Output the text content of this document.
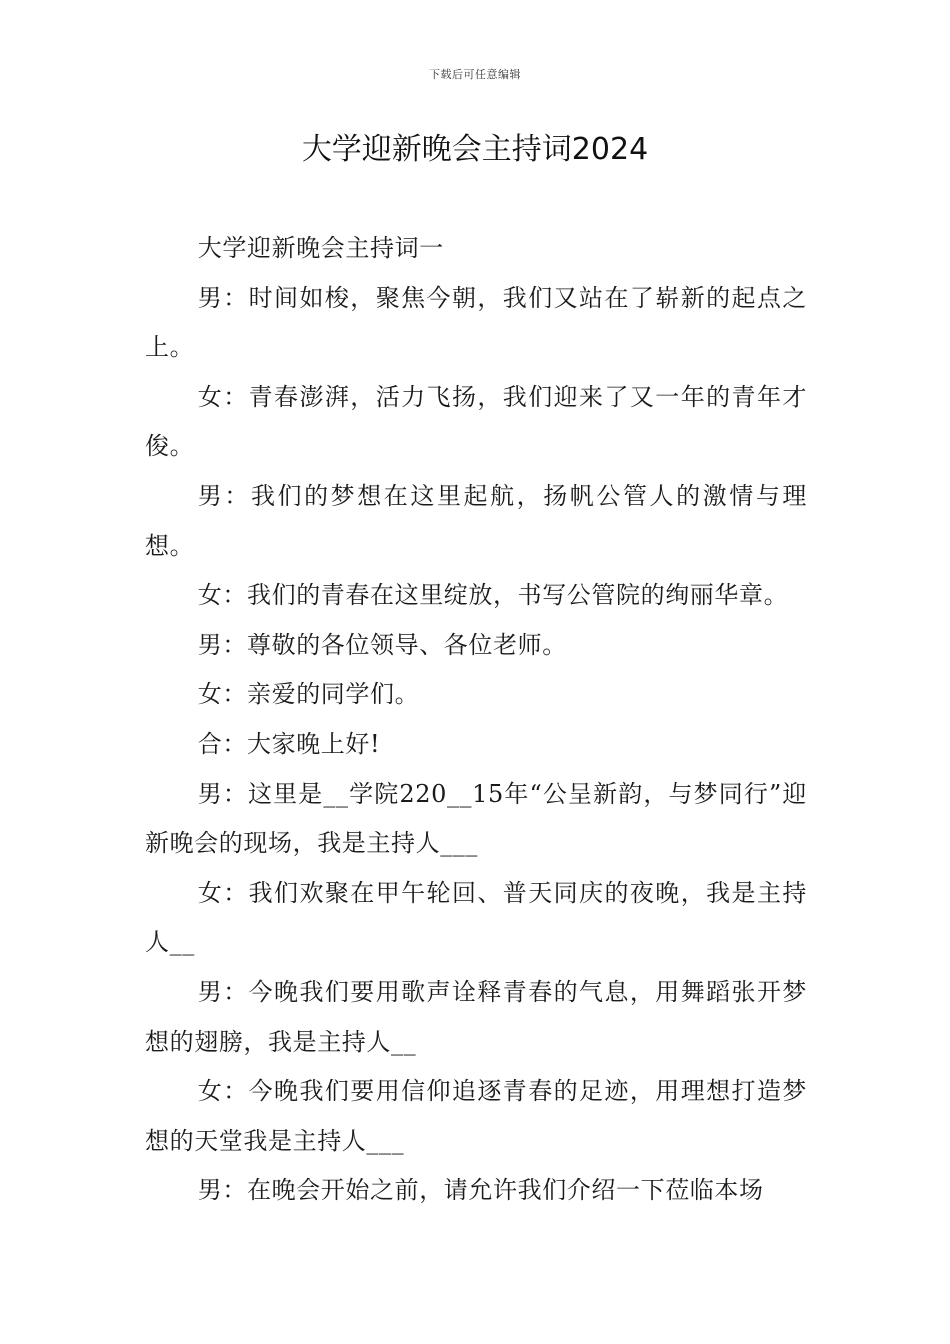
下载后可任意编辑
大学迎新晚会主持词2024

大学迎新晚会主持词一

男：时间如梭，聚焦今朝，我们又站在了崭新的起点之上。

女：青春澎湃，活力飞扬，我们迎来了又一年的青年才俊。

男：我们的梦想在这里起航，扬帆公管人的激情与理想。

女：我们的青春在这里绽放，书写公管院的绚丽华章。

男：尊敬的各位领导、各位老师。

女：亲爱的同学们。

合：大家晚上好!

男：这里是__学院220__15年“公呈新韵，与梦同行”迎新晚会的现场，我是主持人___

女：我们欢聚在甲午轮回、普天同庆的夜晚，我是主持人__

男：今晚我们要用歌声诠释青春的气息，用舞蹈张开梦想的翅膀，我是主持人__

女：今晚我们要用信仰追逐青春的足迹，用理想打造梦想的天堂我是主持人___

男：在晚会开始之前，请允许我们介绍一下莅临本场
